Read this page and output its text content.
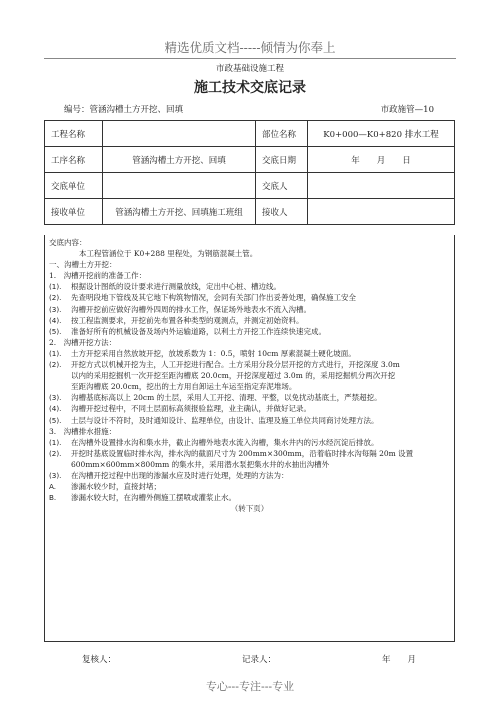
精选优质文档-----倾情为你奉上
市政基础设施工程
施工技术交底记录
编号：管涵沟槽土方开挖、回填	市政施管—10
工程名称		部位名称	K0+000—K0+820 排水工程
工序名称	管涵沟槽土方开挖、回填	交底日期	年　　月　　日
交底单位		交底人	
接收单位	管涵沟槽土方开挖、回填施工班组	接收人	

交底内容：

本工程管涵位于 K0+288 里程处，为钢筋混凝土管。

一、沟槽土方开挖：

1.　沟槽开挖前的准备工作：

(1). 根据设计图纸的设计要求进行测量放线，定出中心桩、槽边线。

(2). 先查明段地下管线及其它地下构筑物情况，会同有关部门作出妥善处理，确保施工安全

(3). 沟槽开挖前应做好沟槽外四周的排水工作，保证场外地表水不流入沟槽。

(4). 按工程监测要求，开挖前先布置各种类型的观测点，并测定初始资料。

(5). 准备好所有的机械设备及场内外运输道路，以利土方开挖工作连续快速完成。

2.　沟槽开挖方法：

(1). 土方开挖采用自然放坡开挖，放坡系数为 1：0.5，喷射 10cm 厚素混凝土硬化坡面。

(2). 开挖方式以机械开挖为主，人工开挖进行配合。土方采用分段分层开挖的方式进行，开挖深度 3.0m

以内的采用挖掘机一次开挖至距沟槽底 20.0cm，开挖深度超过 3.0m 的，采用挖掘机分两次开挖

至距沟槽底 20.0cm，挖出的土方用自卸运土车运至指定弃泥堆场。

(3). 沟槽基底标高以上 20cm 的土层，采用人工开挖、清理、平整，以免扰动基底土，严禁超挖。

(4). 沟槽开挖过程中，不同土层面标高须报验监理，业主确认，并做好记录。

(5). 土层与设计不符时，及时通知设计、监理单位，由设计、监理及施工单位共同商讨处理方法。

3.　沟槽排水措施：

(1). 在沟槽外设置排水沟和集水井，截止沟槽外地表水流入沟槽，集水井内的污水经沉淀后排放。

(2). 开挖时基底设置临时排水沟，排水沟的截面尺寸为 200mm×300mm，沿着临时排水沟每隔 20m 设置

600mm×600mm×800mm 的集水井，采用潜水泵把集水井的水抽出沟槽外

(3). 在沟槽开挖过程中出现的渗漏水应及时进行处理，处理的方法为：

A. 渗漏水较少时，直接封堵；

B. 渗漏水较大时，在沟槽外侧施工摆喷或灌浆止水。

（转下页）

复核人：	记录人：	年　　月
专心---专注---专业
